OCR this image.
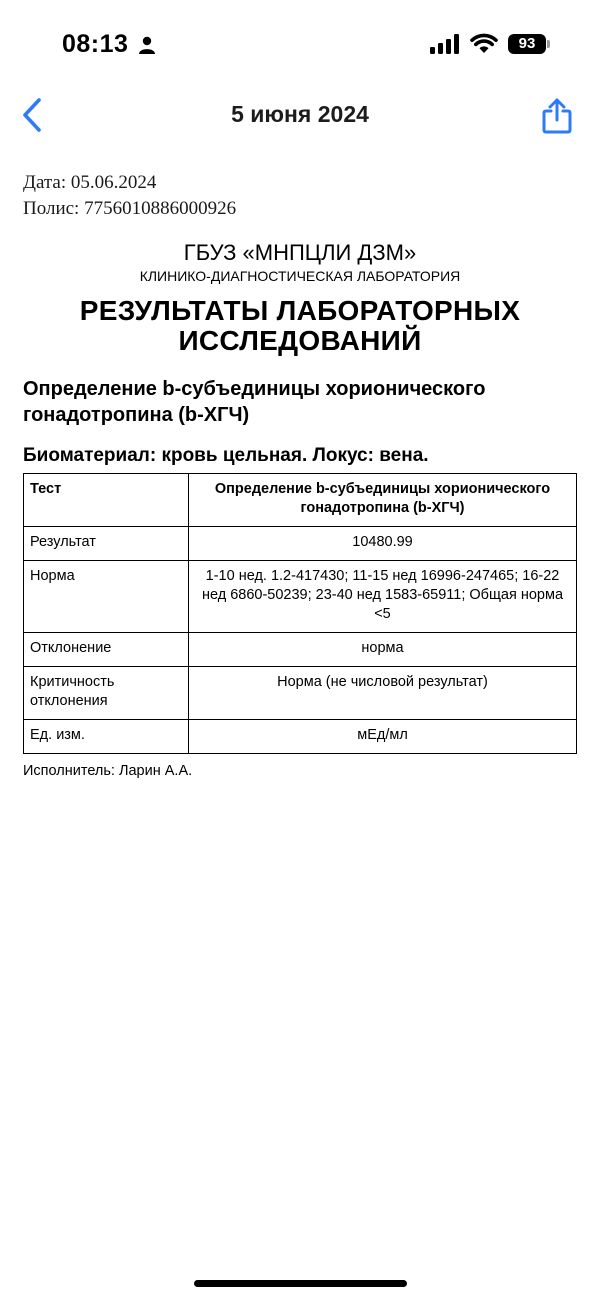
08:13	93
5 июня 2024
Дата: 05.06.2024
Полис: 7756010886000926
ГБУЗ «МНПЦЛИ ДЗМ»
КЛИНИКО-ДИАГНОСТИЧЕСКАЯ ЛАБОРАТОРИЯ
РЕЗУЛЬТАТЫ ЛАБОРАТОРНЫХ ИССЛЕДОВАНИЙ
Определение b-субъединицы хорионического гонадотропина (b-ХГЧ)
Биоматериал: кровь цельная. Локус: вена.
Тест	Определение b-субъединицы хорионического гонадотропина (b-ХГЧ)
Результат	10480.99
Норма	1-10 нед. 1.2-417430; 11-15 нед 16996-247465; 16-22 нед 6860-50239; 23-40 нед 1583-65911; Общая норма <5
Отклонение	норма
Критичность отклонения	Норма (не числовой результат)
Ед. изм.	мЕд/мл
Исполнитель: Ларин А.А.
